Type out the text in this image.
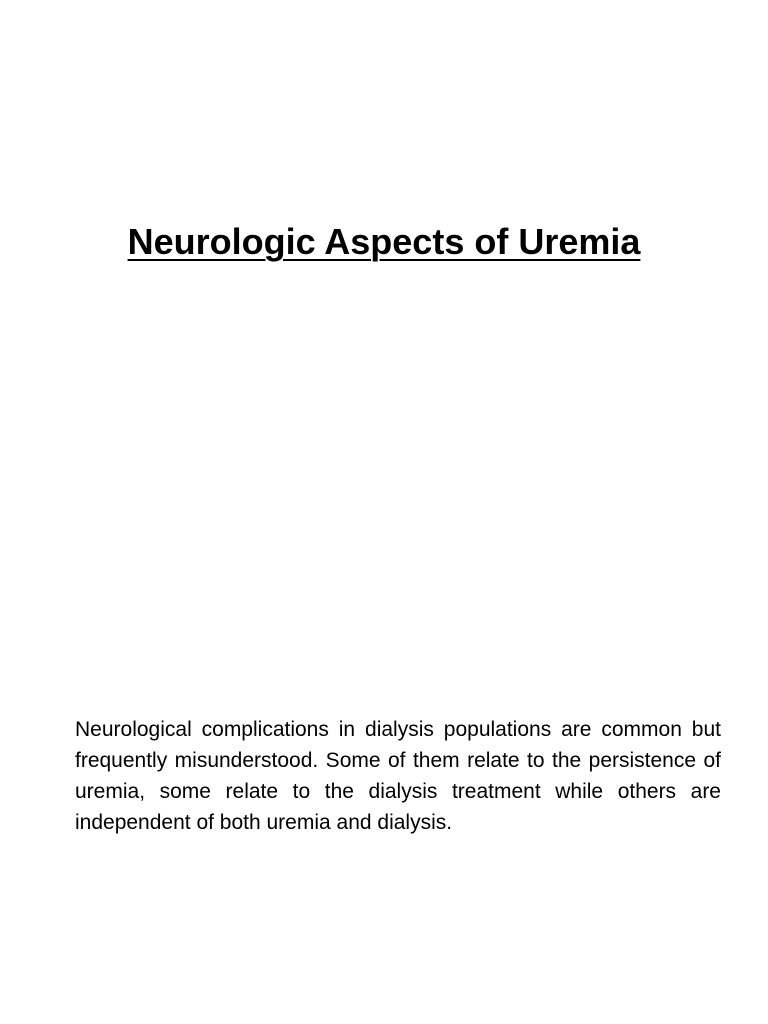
Neurologic Aspects of Uremia

Neurological complications in dialysis populations are common but frequently misunderstood. Some of them relate to the persistence of uremia, some relate to the dialysis treatment while others are independent of both uremia and dialysis.
